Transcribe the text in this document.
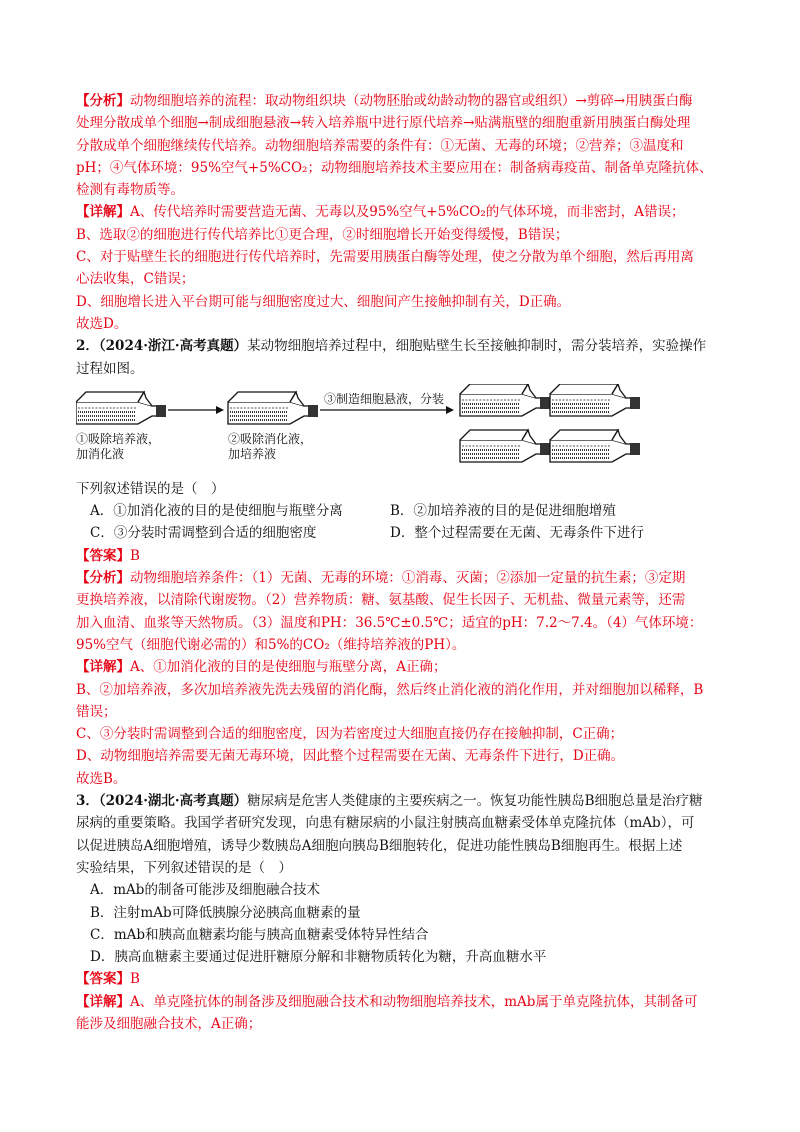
【分析】动物细胞培养的流程：取动物组织块（动物胚胎或幼龄动物的器官或组织）→剪碎→用胰蛋白酶

处理分散成单个细胞→制成细胞悬液→转入培养瓶中进行原代培养→贴满瓶壁的细胞重新用胰蛋白酶处理

分散成单个细胞继续传代培养。动物细胞培养需要的条件有：①无菌、无毒的环境；②营养；③温度和

pH；④气体环境：95%空气+5%CO₂；动物细胞培养技术主要应用在：制备病毒疫苗、制备单克隆抗体、

检测有毒物质等。

【详解】A、传代培养时需要营造无菌、无毒以及95%空气+5%CO₂的气体环境，而非密封，A错误；

B、选取②的细胞进行传代培养比①更合理，②时细胞增长开始变得缓慢，B错误；

C、对于贴壁生长的细胞进行传代培养时，先需要用胰蛋白酶等处理，使之分散为单个细胞，然后再用离

心法收集，C错误；

D、细胞增长进入平台期可能与细胞密度过大、细胞间产生接触抑制有关，D正确。

故选D。

2．（2024·浙江·高考真题）某动物细胞培养过程中，细胞贴壁生长至接触抑制时，需分装培养，实验操作

过程如图。

①吸除培养液，
加消化液
②吸除消化液，
加培养液
③制造细胞悬液，分装

下列叙述错误的是（　）

A．①加消化液的目的是使细胞与瓶壁分离	B．②加培养液的目的是促进细胞增殖

C．③分装时需调整到合适的细胞密度	D．整个过程需要在无菌、无毒条件下进行

【答案】B

【分析】动物细胞培养条件：（1）无菌、无毒的环境：①消毒、灭菌；②添加一定量的抗生素；③定期

更换培养液，以清除代谢废物。（2）营养物质：糖、氨基酸、促生长因子、无机盐、微量元素等，还需

加入血清、血浆等天然物质。（3）温度和PH：36.5℃±0.5℃；适宜的pH：7.2～7.4。（4）气体环境：

95%空气（细胞代谢必需的）和5%的CO₂（维持培养液的PH）。

【详解】A、①加消化液的目的是使细胞与瓶壁分离，A正确；

B、②加培养液，多次加培养液先洗去残留的消化酶，然后终止消化液的消化作用，并对细胞加以稀释，B

错误；

C、③分装时需调整到合适的细胞密度，因为若密度过大细胞直接仍存在接触抑制，C正确；

D、动物细胞培养需要无菌无毒环境，因此整个过程需要在无菌、无毒条件下进行，D正确。

故选B。

3．（2024·湖北·高考真题）糖尿病是危害人类健康的主要疾病之一。恢复功能性胰岛B细胞总量是治疗糖

尿病的重要策略。我国学者研究发现，向患有糖尿病的小鼠注射胰高血糖素受体单克隆抗体（mAb），可

以促进胰岛A细胞增殖，诱导少数胰岛A细胞向胰岛B细胞转化，促进功能性胰岛B细胞再生。根据上述

实验结果，下列叙述错误的是（　）

A．mAb的制备可能涉及细胞融合技术

B．注射mAb可降低胰腺分泌胰高血糖素的量

C．mAb和胰高血糖素均能与胰高血糖素受体特异性结合

D．胰高血糖素主要通过促进肝糖原分解和非糖物质转化为糖，升高血糖水平

【答案】B

【详解】A、单克隆抗体的制备涉及细胞融合技术和动物细胞培养技术，mAb属于单克隆抗体，其制备可

能涉及细胞融合技术，A正确；
